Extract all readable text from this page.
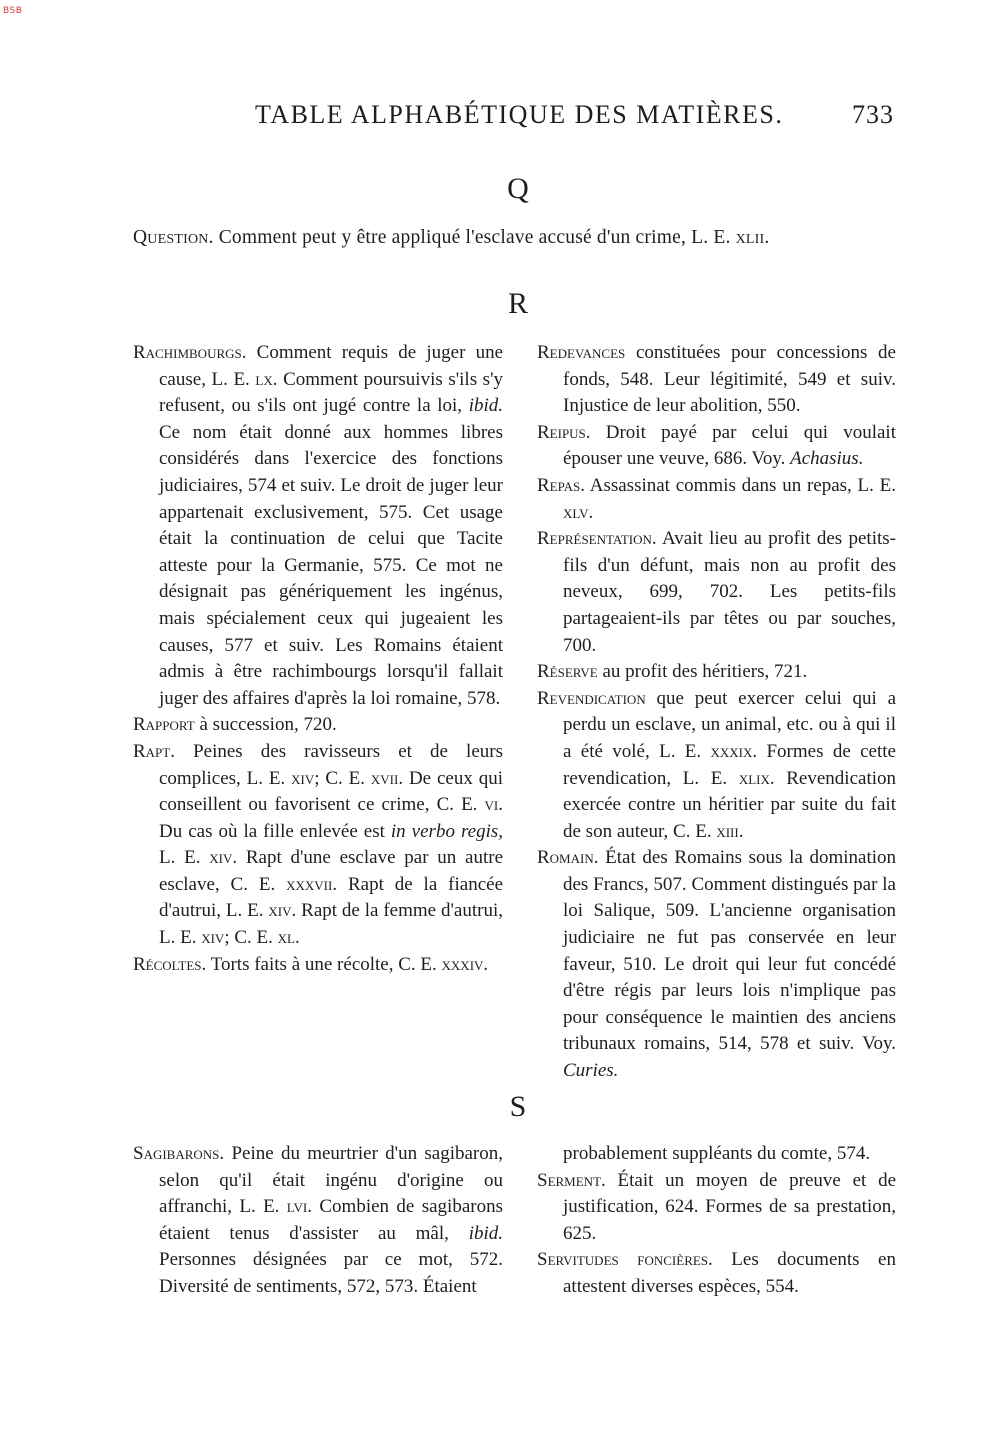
BSB
TABLE ALPHABÉTIQUE DES MATIÈRES.	733
Q
Question. Comment peut y être appliqué l'esclave accusé d'un crime, L. E. xlii.
R

Rachimbourgs. Comment requis de juger une cause, L. E. lx. Comment poursuivis s'ils s'y refusent, ou s'ils ont jugé contre la loi, ibid. Ce nom était donné aux hommes libres considérés dans l'exercice des fonctions judiciaires, 574 et suiv. Le droit de juger leur appartenait exclusivement, 575. Cet usage était la continuation de celui que Tacite atteste pour la Germanie, 575. Ce mot ne désignait pas génériquement les ingénus, mais spécialement ceux qui jugeaient les causes, 577 et suiv. Les Romains étaient admis à être rachimbourgs lorsqu'il fallait juger des affaires d'après la loi romaine, 578.

Rapport à succession, 720.

Rapt. Peines des ravisseurs et de leurs complices, L. E. xiv; C. E. xvii. De ceux qui conseillent ou favorisent ce crime, C. E. vi. Du cas où la fille enlevée est in verbo regis, L. E. xiv. Rapt d'une esclave par un autre esclave, C. E. xxxvii. Rapt de la fiancée d'autrui, L. E. xiv. Rapt de la femme d'autrui, L. E. xiv; C. E. xl.

Récoltes. Torts faits à une récolte, C. E. xxxiv.

Redevances constituées pour concessions de fonds, 548. Leur légitimité, 549 et suiv. Injustice de leur abolition, 550.

Reipus. Droit payé par celui qui voulait épouser une veuve, 686. Voy. Achasius.

Repas. Assassinat commis dans un repas, L. E. xlv.

Représentation. Avait lieu au profit des petits-fils d'un défunt, mais non au profit des neveux, 699, 702. Les petits-fils partageaient-ils par têtes ou par souches, 700.

Réserve au profit des héritiers, 721.

Revendication que peut exercer celui qui a perdu un esclave, un animal, etc. ou à qui il a été volé, L. E. xxxix. Formes de cette revendication, L. E. xlix. Revendication exercée contre un héritier par suite du fait de son auteur, C. E. xiii.

Romain. État des Romains sous la domination des Francs, 507. Comment distingués par la loi Salique, 509. L'ancienne organisation judiciaire ne fut pas conservée en leur faveur, 510. Le droit qui leur fut concédé d'être régis par leurs lois n'implique pas pour conséquence le maintien des anciens tribunaux romains, 514, 578 et suiv. Voy. Curies.

S

Sagibarons. Peine du meurtrier d'un sagibaron, selon qu'il était ingénu d'origine ou affranchi, L. E. lvi. Combien de sagibarons étaient tenus d'assister au mâl, ibid. Personnes désignées par ce mot, 572. Diversité de sentiments, 572, 573. Étaient

probablement suppléants du comte, 574.

Serment. Était un moyen de preuve et de justification, 624. Formes de sa prestation, 625.

Servitudes foncières. Les documents en attestent diverses espèces, 554.
